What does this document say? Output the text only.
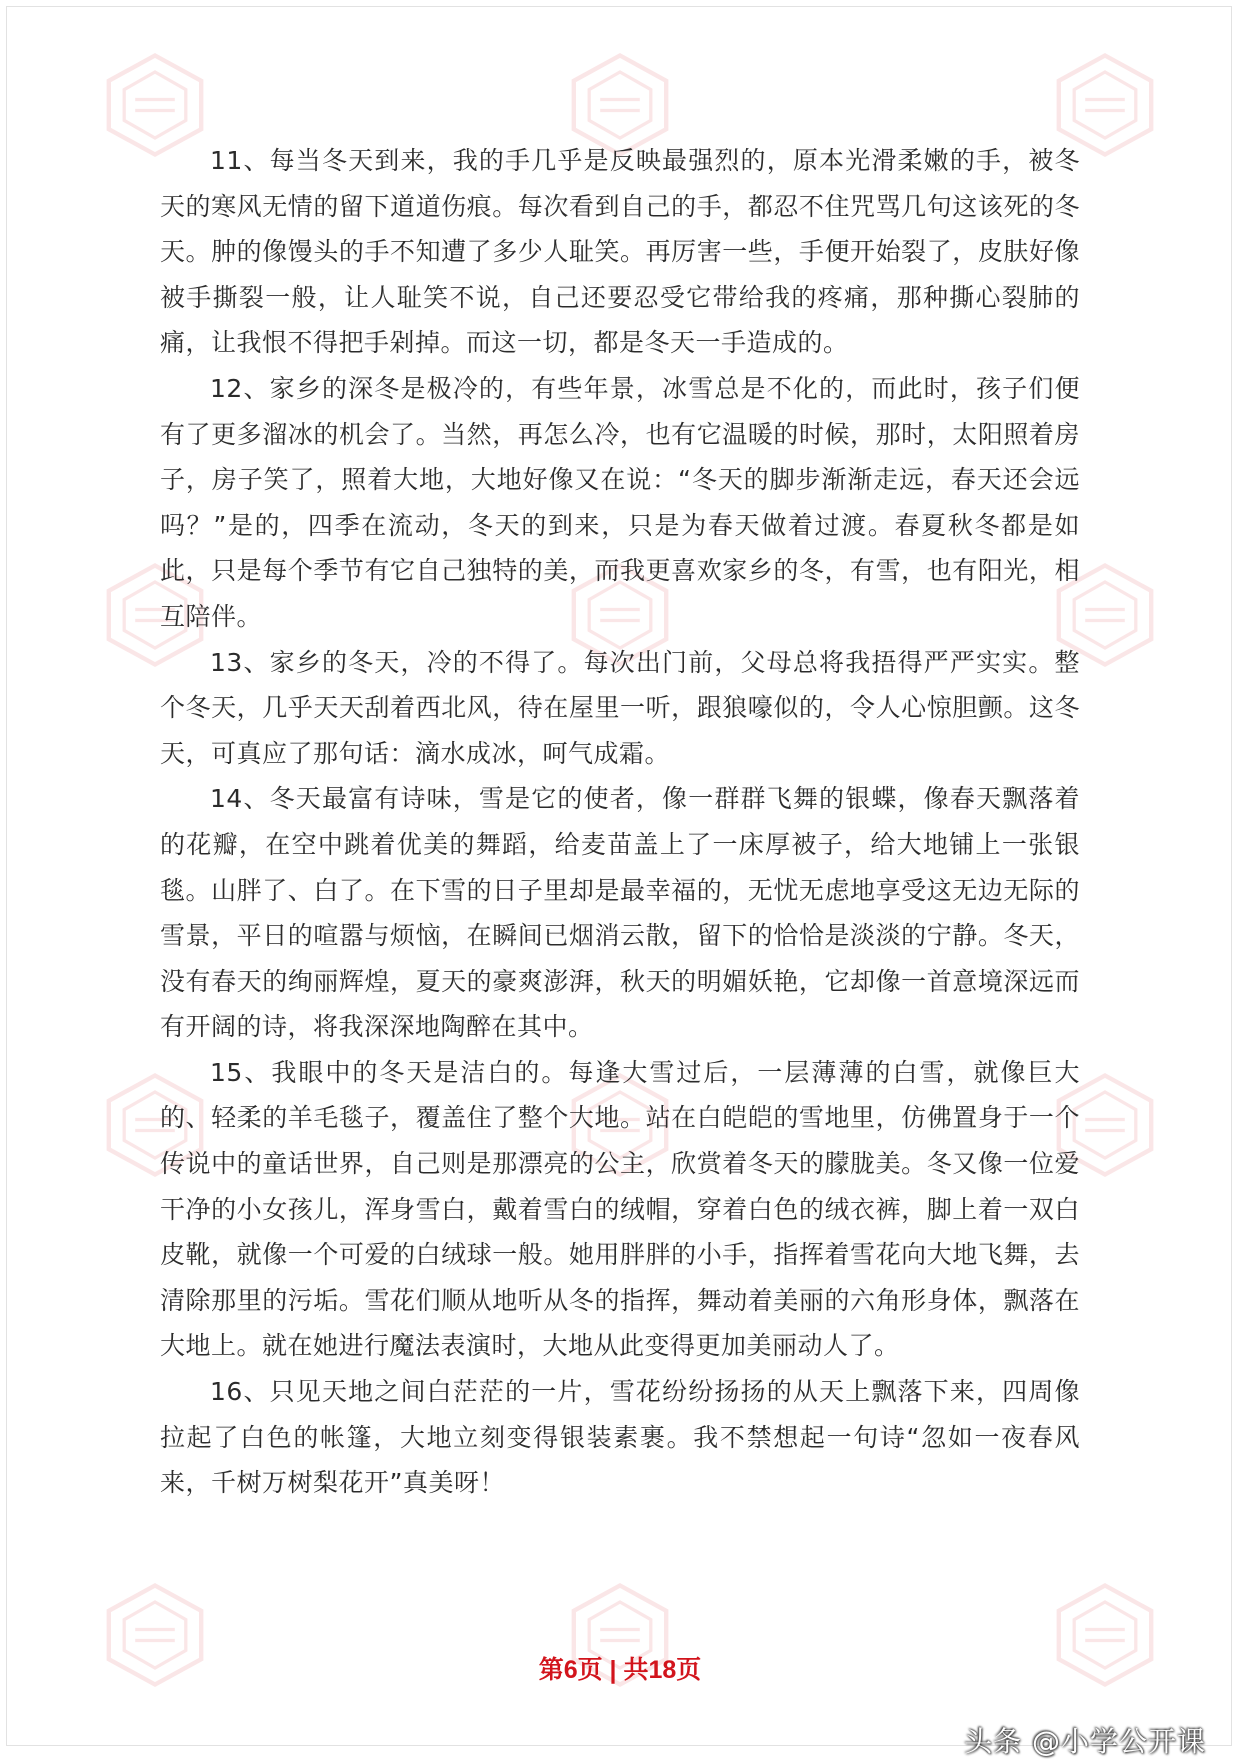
11、每当冬天到来，我的手几乎是反映最强烈的，原本光滑柔嫩的手，被冬天的寒风无情的留下道道伤痕。每次看到自己的手，都忍不住咒骂几句这该死的冬天。肿的像馒头的手不知遭了多少人耻笑。再厉害一些，手便开始裂了，皮肤好像被手撕裂一般，让人耻笑不说，自己还要忍受它带给我的疼痛，那种撕心裂肺的痛，让我恨不得把手剁掉。而这一切，都是冬天一手造成的。

12、家乡的深冬是极冷的，有些年景，冰雪总是不化的，而此时，孩子们便有了更多溜冰的机会了。当然，再怎么冷，也有它温暖的时候，那时，太阳照着房子，房子笑了，照着大地，大地好像又在说：“冬天的脚步渐渐走远，春天还会远吗？”是的，四季在流动，冬天的到来，只是为春天做着过渡。春夏秋冬都是如此，只是每个季节有它自己独特的美，而我更喜欢家乡的冬，有雪，也有阳光，相互陪伴。

13、家乡的冬天，冷的不得了。每次出门前，父母总将我捂得严严实实。整个冬天，几乎天天刮着西北风，待在屋里一听，跟狼嚎似的，令人心惊胆颤。这冬天，可真应了那句话：滴水成冰，呵气成霜。

14、冬天最富有诗味，雪是它的使者，像一群群飞舞的银蝶，像春天飘落着的花瓣，在空中跳着优美的舞蹈，给麦苗盖上了一床厚被子，给大地铺上一张银毯。山胖了、白了。在下雪的日子里却是最幸福的，无忧无虑地享受这无边无际的雪景，平日的喧嚣与烦恼，在瞬间已烟消云散，留下的恰恰是淡淡的宁静。冬天，没有春天的绚丽辉煌，夏天的豪爽澎湃，秋天的明媚妖艳，它却像一首意境深远而有开阔的诗，将我深深地陶醉在其中。

15、我眼中的冬天是洁白的。每逢大雪过后，一层薄薄的白雪，就像巨大的、轻柔的羊毛毯子，覆盖住了整个大地。站在白皑皑的雪地里，仿佛置身于一个传说中的童话世界，自己则是那漂亮的公主，欣赏着冬天的朦胧美。冬又像一位爱干净的小女孩儿，浑身雪白，戴着雪白的绒帽，穿着白色的绒衣裤，脚上着一双白皮靴，就像一个可爱的白绒球一般。她用胖胖的小手，指挥着雪花向大地飞舞，去清除那里的污垢。雪花们顺从地听从冬的指挥，舞动着美丽的六角形身体，飘落在大地上。就在她进行魔法表演时，大地从此变得更加美丽动人了。

16、只见天地之间白茫茫的一片，雪花纷纷扬扬的从天上飘落下来，四周像拉起了白色的帐篷，大地立刻变得银装素裹。我不禁想起一句诗“忽如一夜春风来，千树万树梨花开”真美呀！

第6页 | 共18页
头条 @小学公开课
